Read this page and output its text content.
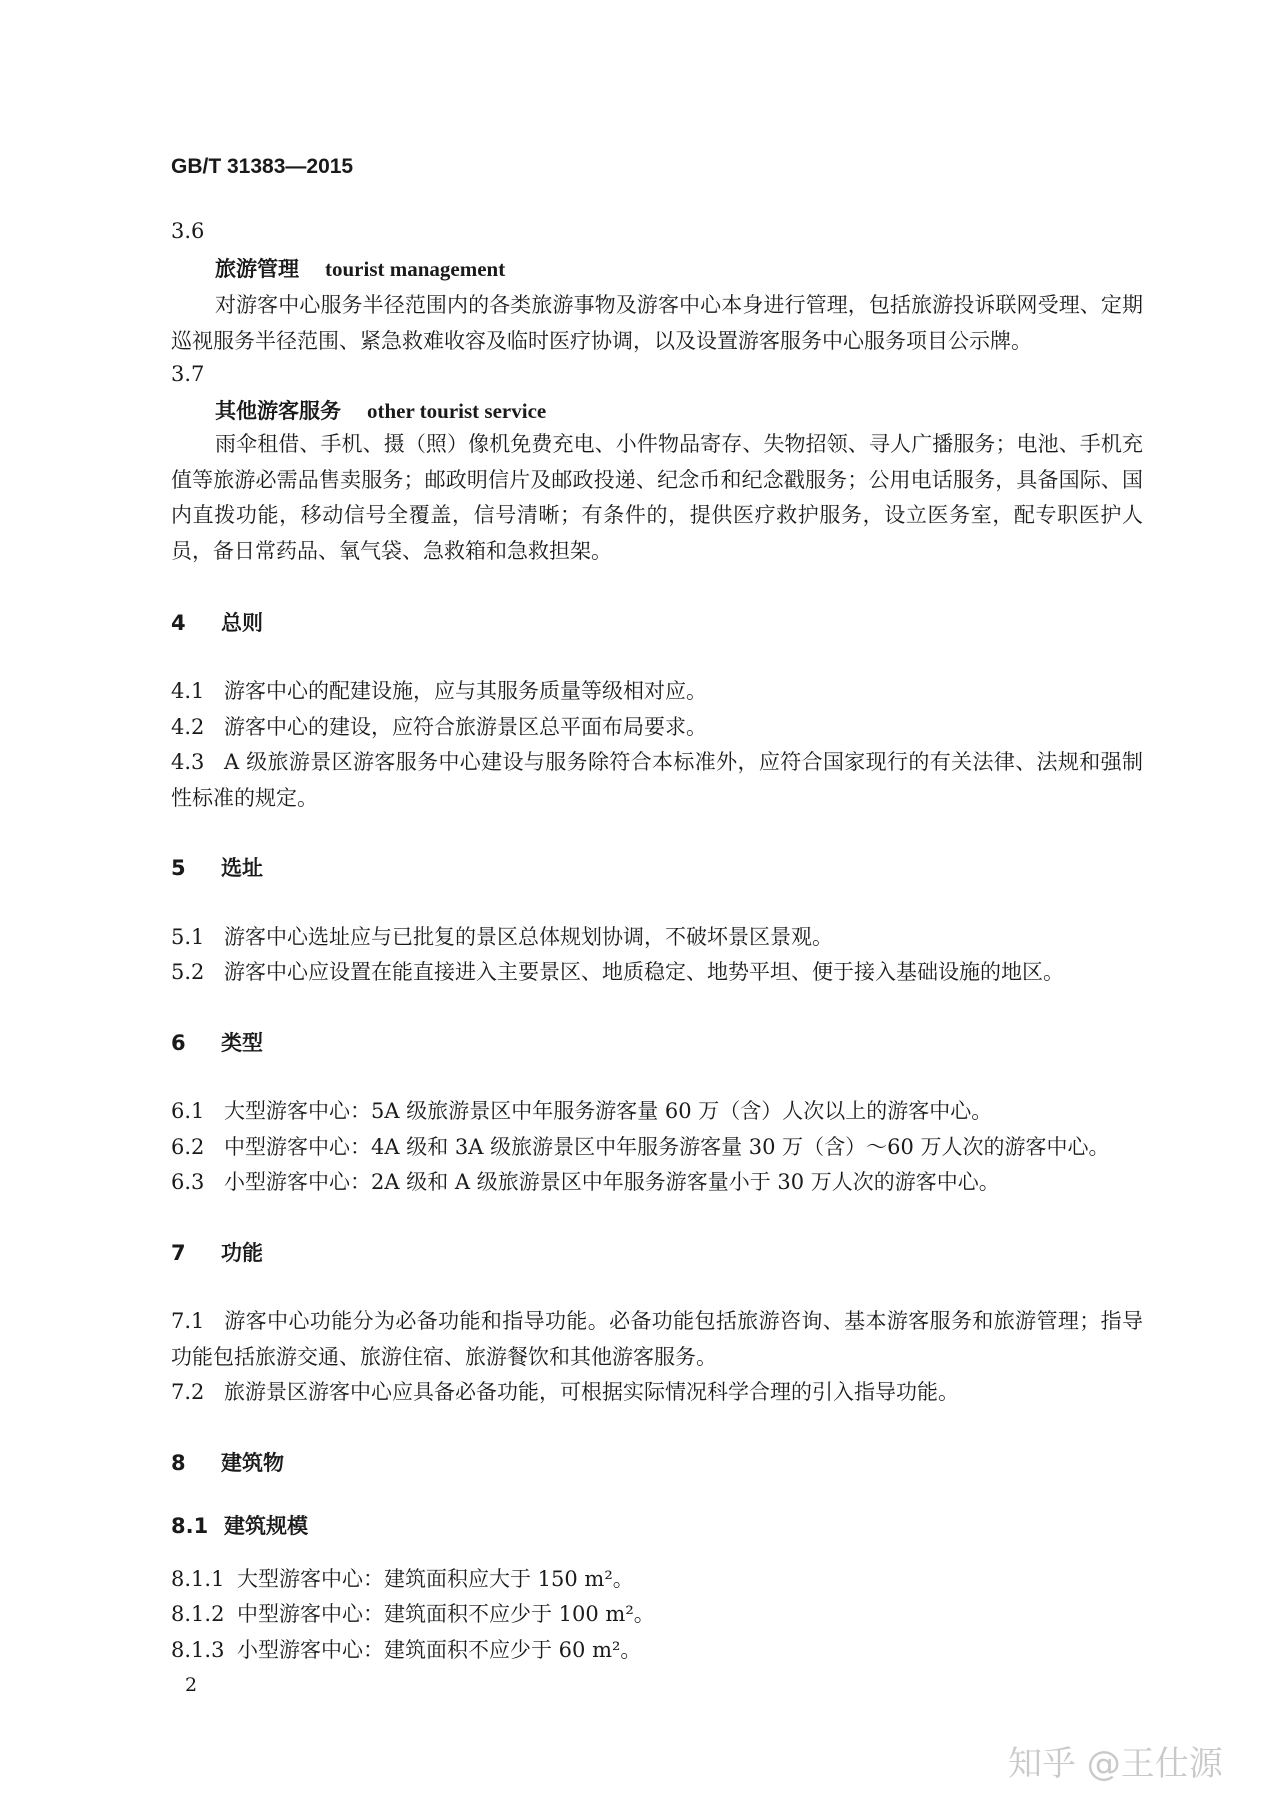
GB/T 31383—2015
3.6
旅游管理 tourist management
对游客中心服务半径范围内的各类旅游事物及游客中心本身进行管理，包括旅游投诉联网受理、定期巡视服务半径范围、紧急救难收容及临时医疗协调，以及设置游客服务中心服务项目公示牌。
3.7
其他游客服务 other tourist service
雨伞租借、手机、摄（照）像机免费充电、小件物品寄存、失物招领、寻人广播服务；电池、手机充值等旅游必需品售卖服务；邮政明信片及邮政投递、纪念币和纪念戳服务；公用电话服务，具备国际、国内直拨功能，移动信号全覆盖，信号清晰；有条件的，提供医疗救护服务，设立医务室，配专职医护人员，备日常药品、氧气袋、急救箱和急救担架。
4 总则
4.1 游客中心的配建设施，应与其服务质量等级相对应。
4.2 游客中心的建设，应符合旅游景区总平面布局要求。
4.3 A 级旅游景区游客服务中心建设与服务除符合本标准外，应符合国家现行的有关法律、法规和强制性标准的规定。
5 选址
5.1 游客中心选址应与已批复的景区总体规划协调，不破坏景区景观。
5.2 游客中心应设置在能直接进入主要景区、地质稳定、地势平坦、便于接入基础设施的地区。
6 类型
6.1 大型游客中心：5A 级旅游景区中年服务游客量 60 万（含）人次以上的游客中心。
6.2 中型游客中心：4A 级和 3A 级旅游景区中年服务游客量 30 万（含）～60 万人次的游客中心。
6.3 小型游客中心：2A 级和 A 级旅游景区中年服务游客量小于 30 万人次的游客中心。
7 功能
7.1 游客中心功能分为必备功能和指导功能。必备功能包括旅游咨询、基本游客服务和旅游管理；指导功能包括旅游交通、旅游住宿、旅游餐饮和其他游客服务。
7.2 旅游景区游客中心应具备必备功能，可根据实际情况科学合理的引入指导功能。
8 建筑物
8.1 建筑规模
8.1.1 大型游客中心：建筑面积应大于 150 m²。
8.1.2 中型游客中心：建筑面积不应少于 100 m²。
8.1.3 小型游客中心：建筑面积不应少于 60 m²。
2
知乎 @王仕源
